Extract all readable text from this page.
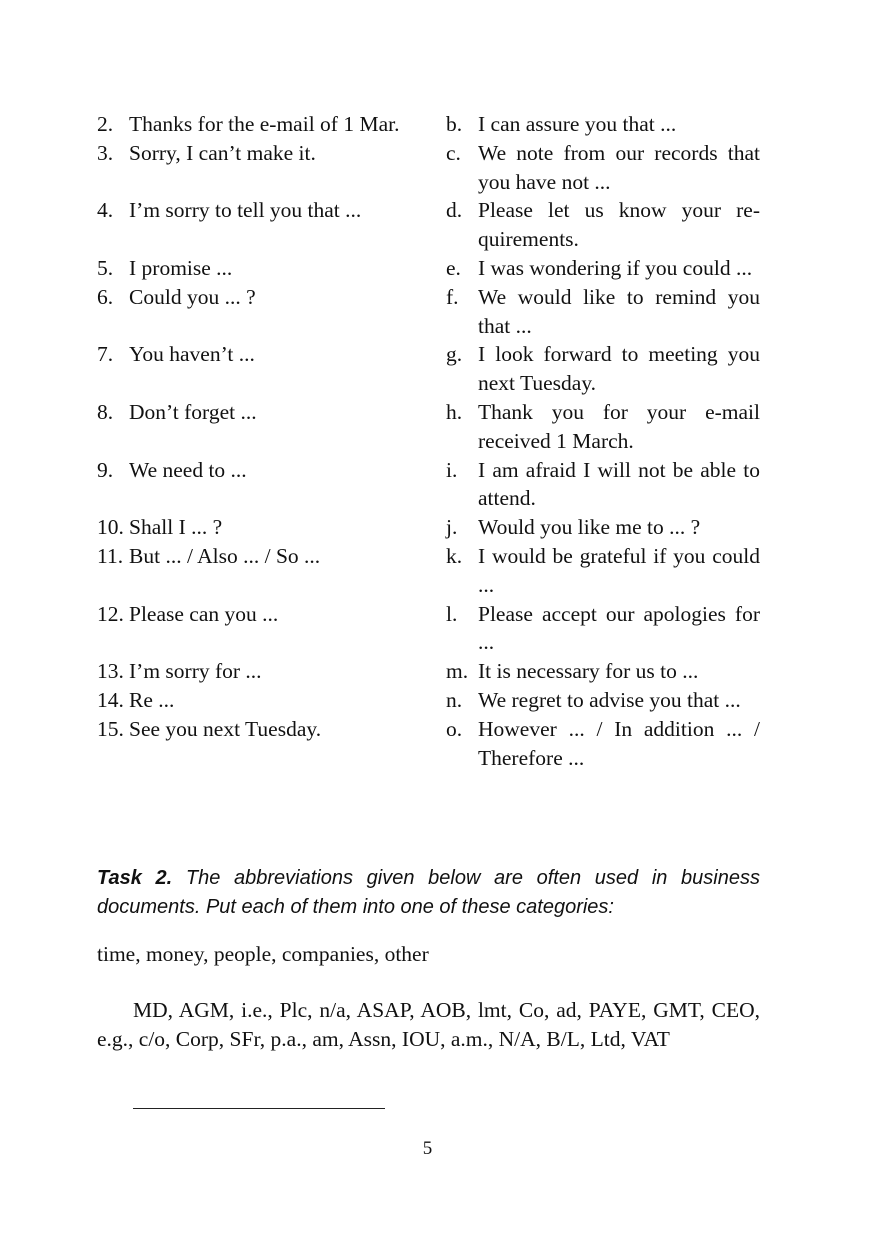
2. Thanks for the e-mail of 1 Mar.	b. I can assure you that ...
3. Sorry, I can’t make it.	c. We note from our records that you have not ...
4. I’m sorry to tell you that ...	d. Please let us know your re-quirements.
5. I promise ...	e. I was wondering if you could ...
6. Could you ... ?	f. We would like to remind you that ...
7. You haven’t ...	g. I look forward to meeting you next Tuesday.
8. Don’t forget ...	h. Thank you for your e-mail received 1 March.
9. We need to ...	i. I am afraid I will not be able to attend.
10. Shall I ... ?	j. Would you like me to ... ?
11. But ... / Also ... / So ...	k. I would be grateful if you could ...
12. Please can you ...	l. Please accept our apologies for ...
13. I’m sorry for ...	m. It is necessary for us to ...
14. Re ...	n. We regret to advise you that ...
15. See you next Tuesday.	o. However ... / In addition ... / Therefore ...
Task 2. The abbreviations given below are often used in business documents. Put each of them into one of these categories:
time, money, people, companies, other
MD, AGM, i.e., Plc, n/a, ASAP, AOB, lmt, Co, ad, PAYE, GMT, CEO, e.g., c/o, Corp, SFr, p.a., am, Assn, IOU, a.m., N/A, B/L, Ltd, VAT
5
